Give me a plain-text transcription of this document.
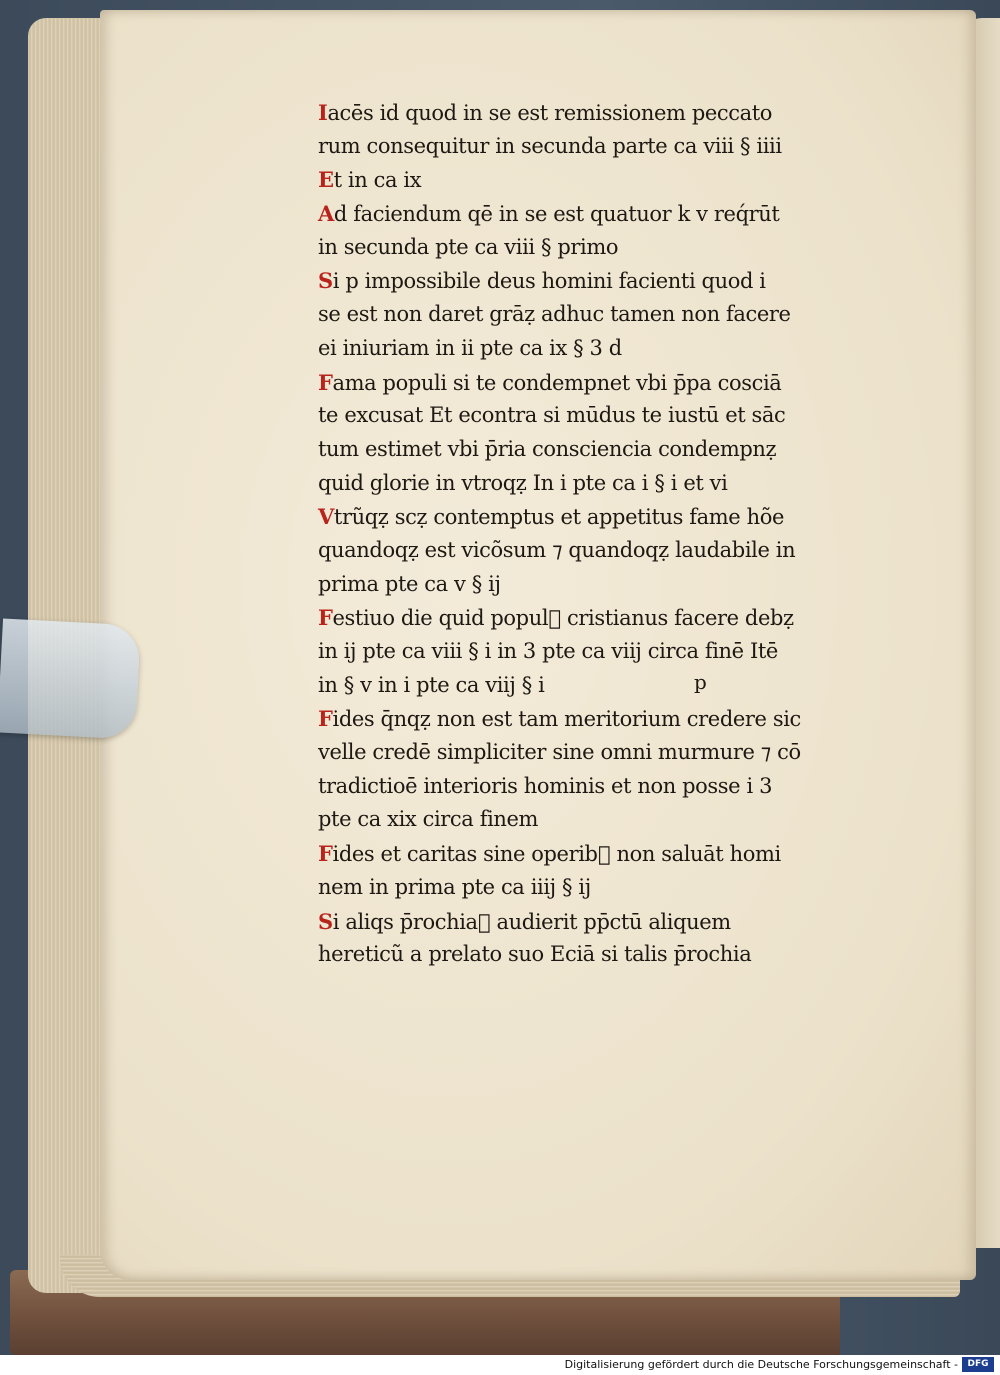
Iacēs id quod in se est remissionem peccato
rum consequitur in secunda parte ca viii § iiii
Et in ca ix
Ad faciendum qē in se est quatuor k v req́rūt
in secunda pte ca viii § primo
Si p impossibile deus homini facienti quod i
se est non daret grāẓ adhuc tamen non facere
ei iniuriam in ii pte ca ix § 3 d
Fama populi si te condempnet vbi p̄pa cosciā
te excusat Et econtra si mūdus te iustū et sāc
tum estimet vbi p̄ria consciencia condempnẓ
quid glorie in vtroqẓ In i pte ca i § i et vi
Vtrũqẓ scẓ contemptus et appetitus fame hõe
quandoqẓ est vicõsum ⁊ quandoqẓ laudabile in
prima pte ca v § ij
Festiuo die quid popul᷒ cristianus facere debẓ
in ij pte ca viii § i in 3 pte ca viij circa finē Itē
in § v in i pte ca viij § i
Fides q̄nqẓ non est tam meritorium credere sic
velle credē simpliciter sine omni murmure ⁊ cō
tradictioē interioris hominis et non posse i 3
pte ca xix circa finem
Fides et caritas sine operib᷒ non saluāt homi
nem in prima pte ca iiij § ij
Si aliqs p̄rochia᷒ audierit pp̄ctū aliquem
hereticũ a prelato suo Eciā si talis p̄rochia
p
Digitalisierung gefördert durch die Deutsche Forschungsgemeinschaft -	DFG
